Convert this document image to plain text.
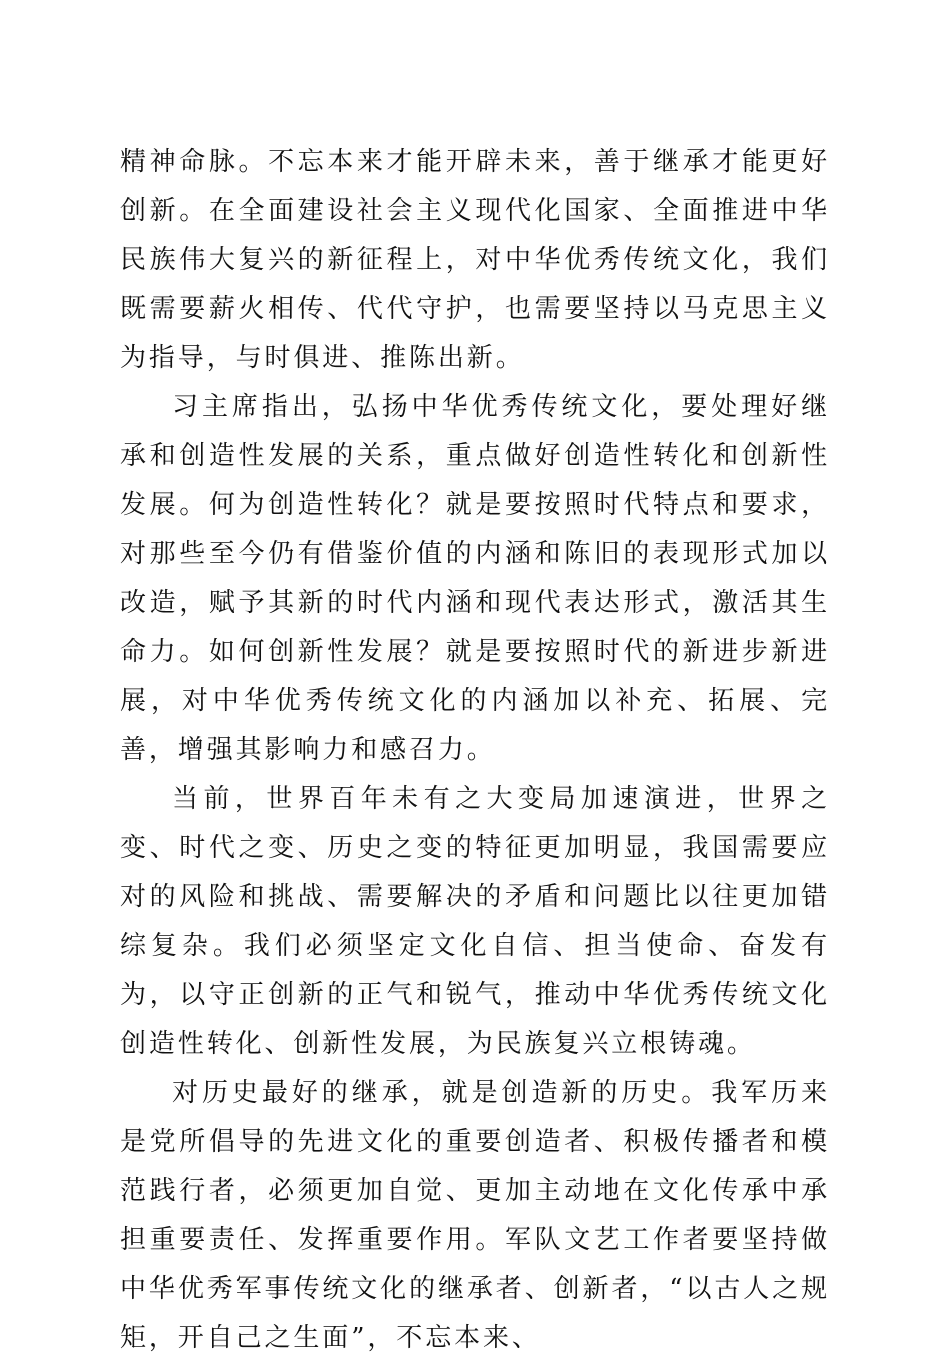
精神命脉。不忘本来才能开辟未来，善于继承才能更好创新。在全面建设社会主义现代化国家、全面推进中华民族伟大复兴的新征程上，对中华优秀传统文化，我们既需要薪火相传、代代守护，也需要坚持以马克思主义为指导，与时俱进、推陈出新。

习主席指出，弘扬中华优秀传统文化，要处理好继承和创造性发展的关系，重点做好创造性转化和创新性发展。何为创造性转化？就是要按照时代特点和要求，对那些至今仍有借鉴价值的内涵和陈旧的表现形式加以改造，赋予其新的时代内涵和现代表达形式，激活其生命力。如何创新性发展？就是要按照时代的新进步新进展，对中华优秀传统文化的内涵加以补充、拓展、完善，增强其影响力和感召力。

当前，世界百年未有之大变局加速演进，世界之变、时代之变、历史之变的特征更加明显，我国需要应对的风险和挑战、需要解决的矛盾和问题比以往更加错综复杂。我们必须坚定文化自信、担当使命、奋发有为，以守正创新的正气和锐气，推动中华优秀传统文化创造性转化、创新性发展，为民族复兴立根铸魂。

对历史最好的继承，就是创造新的历史。我军历来是党所倡导的先进文化的重要创造者、积极传播者和模范践行者，必须更加自觉、更加主动地在文化传承中承担重要责任、发挥重要作用。军队文艺工作者要坚持做中华优秀军事传统文化的继承者、创新者，“以古人之规矩，开自己之生面”，不忘本来、
